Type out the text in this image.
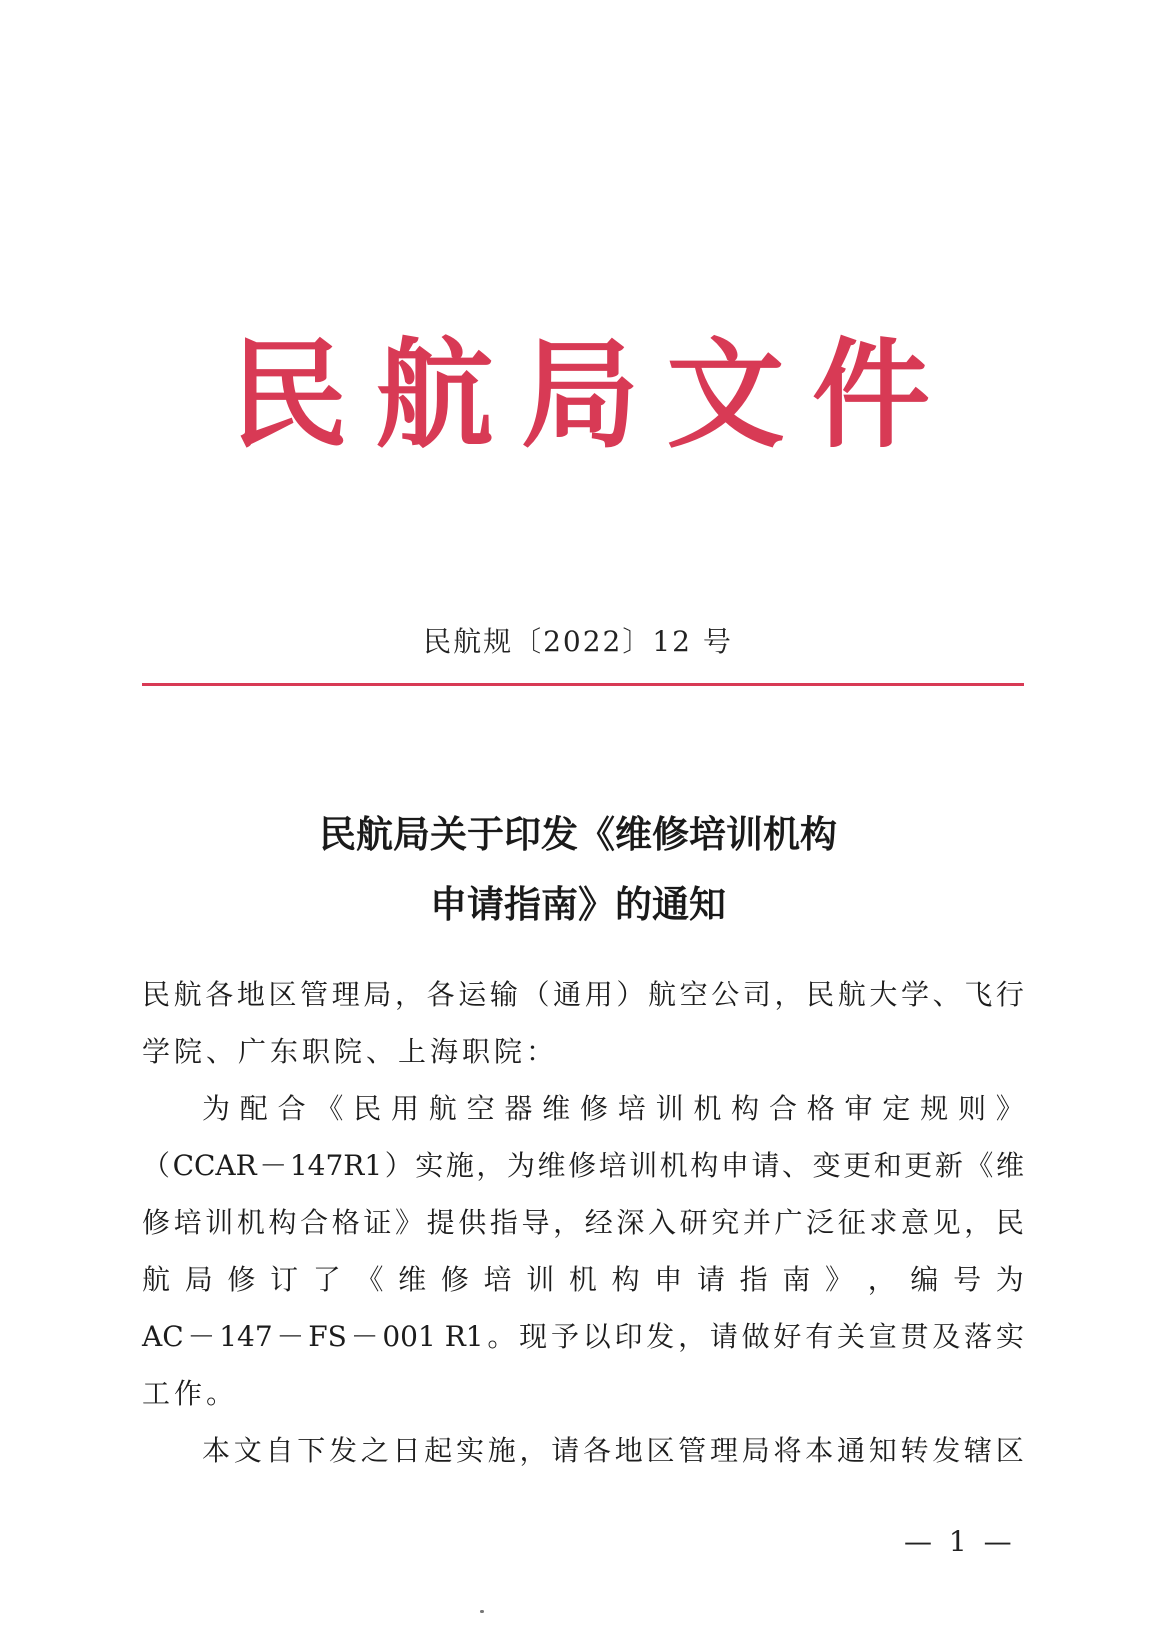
民 航 局 文 件
民航规〔2022〕12 号
民航局关于印发《维修培训机构
申请指南》的通知
民 航 各 地 区 管 理 局 ， 各 运 输 （ 通 用 ） 航 空 公 司 ， 民 航 大 学 、 飞 行
学院、广东职院、上海职院：
为 配 合 《 民 用 航 空 器 维 修 培 训 机 构 合 格 审 定 规 则 》
（ CCAR － 147R1 ） 实 施 ， 为 维 修 培 训 机 构 申 请 、 变 更 和 更 新 《 维
修 培 训 机 构 合 格 证 》 提 供 指 导 ， 经 深 入 研 究 并 广 泛 征 求 意 见 ， 民
航 局 修 订 了 《 维 修 培 训 机 构 申 请 指 南 》 ， 编 号 为
AC － 147 － FS － 001 R1 。 现 予 以 印 发 ， 请 做 好 有 关 宣 贯 及 落 实
工作。
本 文 自 下 发 之 日 起 实 施 ， 请 各 地 区 管 理 局 将 本 通 知 转 发 辖 区
— 1 —
